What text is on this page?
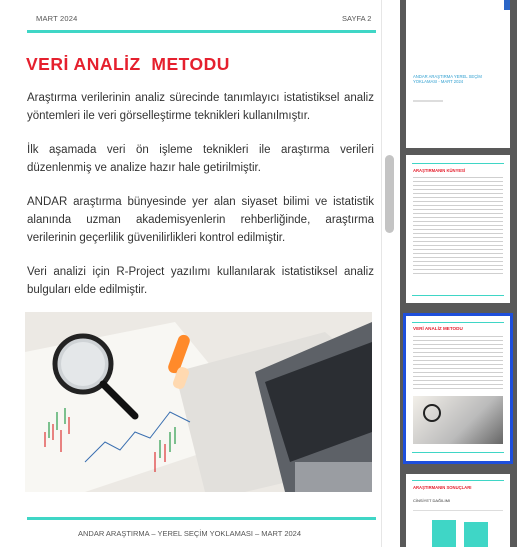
MART 2024	SAYFA 2
VERİ ANALİZ  METODU
Araştırma verilerinin analiz sürecinde tanımlayıcı istatistiksel analiz yöntemleri ile veri görselleştirme teknikleri kullanılmıştır.
İlk aşamada veri ön işleme teknikleri ile araştırma verileri düzenlenmiş ve analize hazır hale getirilmiştir.
ANDAR araştırma bünyesinde yer alan siyaset bilimi ve istatistik alanında uzman akademisyenlerin rehberliğinde, araştırma verilerinin geçerlilik güvenilirlikleri kontrol edilmiştir.
Veri analizi için R-Project yazılımı kullanılarak istatistiksel analiz bulguları elde edilmiştir.
ANDAR ARAŞTIRMA – YEREL SEÇİM YOKLAMASI – MART 2024
ANDAR ARAŞTIRMA YEREL SEÇİM YOKLAMASI - MART 2024
ARAŞTIRMANIN KÜNYESİ
VERİ ANALİZ METODU
ARAŞTIRMANIN SONUÇLARI
CİNSİYET DAĞILIMI
